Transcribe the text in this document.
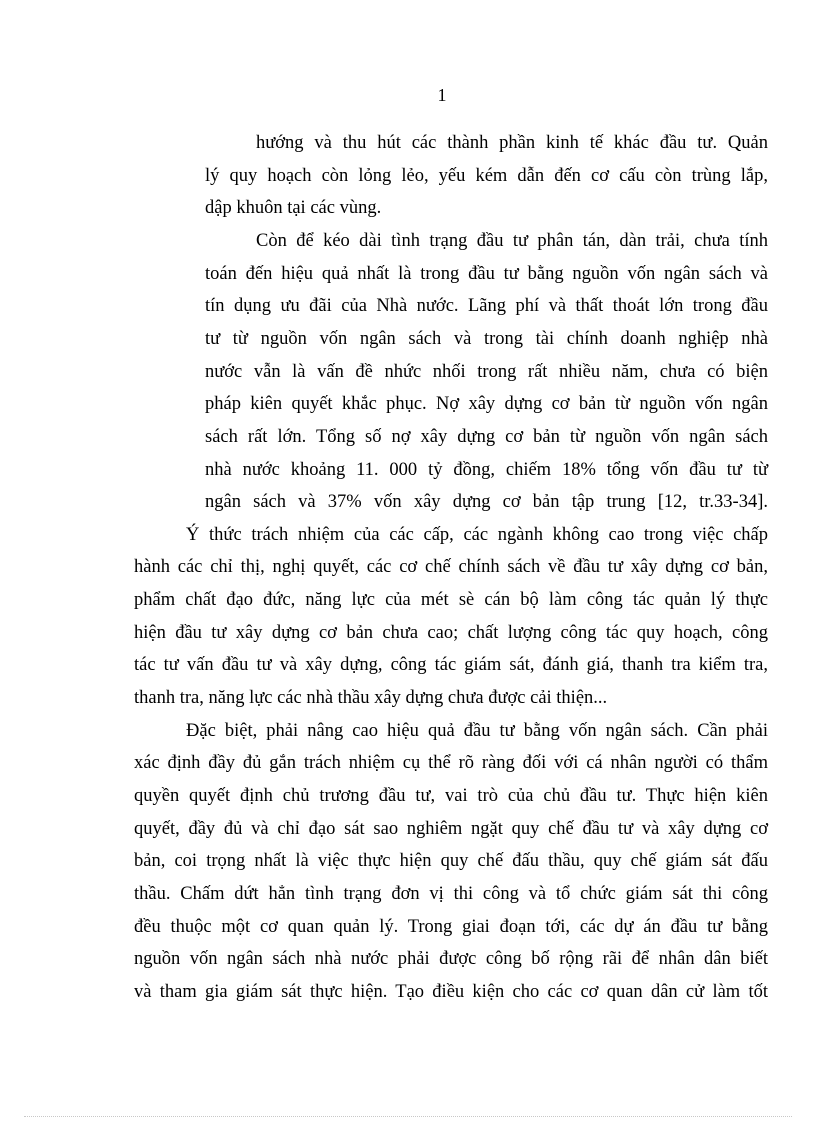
1
hướng và thu hút các thành phần kinh tế khác đầu tư. Quản
lý quy hoạch còn lỏng lẻo, yếu kém dẫn đến cơ cấu còn trùng lắp,
dập khuôn tại các vùng.
Còn để kéo dài tình trạng đầu tư phân tán, dàn trải, chưa tính
toán đến hiệu quả nhất là trong đầu tư bằng nguồn vốn ngân sách và
tín dụng ưu đãi của Nhà nước. Lãng phí và thất thoát lớn trong đầu
tư từ nguồn vốn ngân sách và trong tài chính doanh nghiệp nhà
nước vẫn là vấn đề nhức nhối trong rất nhiều năm, chưa có biện
pháp kiên quyết khắc phục. Nợ xây dựng cơ bản từ nguồn vốn ngân
sách rất lớn. Tổng số nợ xây dựng cơ bản từ nguồn vốn ngân sách
nhà nước khoảng 11. 000 tỷ đồng, chiếm 18% tổng vốn đầu tư từ
ngân sách và 37% vốn xây dựng cơ bản tập trung [12, tr.33-34].
Ý thức trách nhiệm của các cấp, các ngành không cao trong việc chấp
hành các chỉ thị, nghị quyết, các cơ chế chính sách về đầu tư xây dựng cơ bản,
phẩm chất đạo đức, năng lực của mét sè cán bộ làm công tác quản lý thực
hiện đầu tư xây dựng cơ bản chưa cao; chất lượng công tác quy hoạch, công
tác tư vấn đầu tư và xây dựng, công tác giám sát, đánh giá, thanh tra kiểm tra,
thanh tra, năng lực các nhà thầu xây dựng chưa được cải thiện...
Đặc biệt, phải nâng cao hiệu quả đầu tư bằng vốn ngân sách. Cần phải
xác định đầy đủ gắn trách nhiệm cụ thể rõ ràng đối với cá nhân người có thẩm
quyền quyết định chủ trương đầu tư, vai trò của chủ đầu tư. Thực hiện kiên
quyết, đầy đủ và chỉ đạo sát sao nghiêm ngặt quy chế đầu tư và xây dựng cơ
bản, coi trọng nhất là việc thực hiện quy chế đấu thầu, quy chế giám sát đấu
thầu. Chấm dứt hẳn tình trạng đơn vị thi công và tổ chức giám sát thi công
đều thuộc một cơ quan quản lý. Trong giai đoạn tới, các dự án đầu tư bằng
nguồn vốn ngân sách nhà nước phải được công bố rộng rãi để nhân dân biết
và tham gia giám sát thực hiện. Tạo điều kiện cho các cơ quan dân cử làm tốt
